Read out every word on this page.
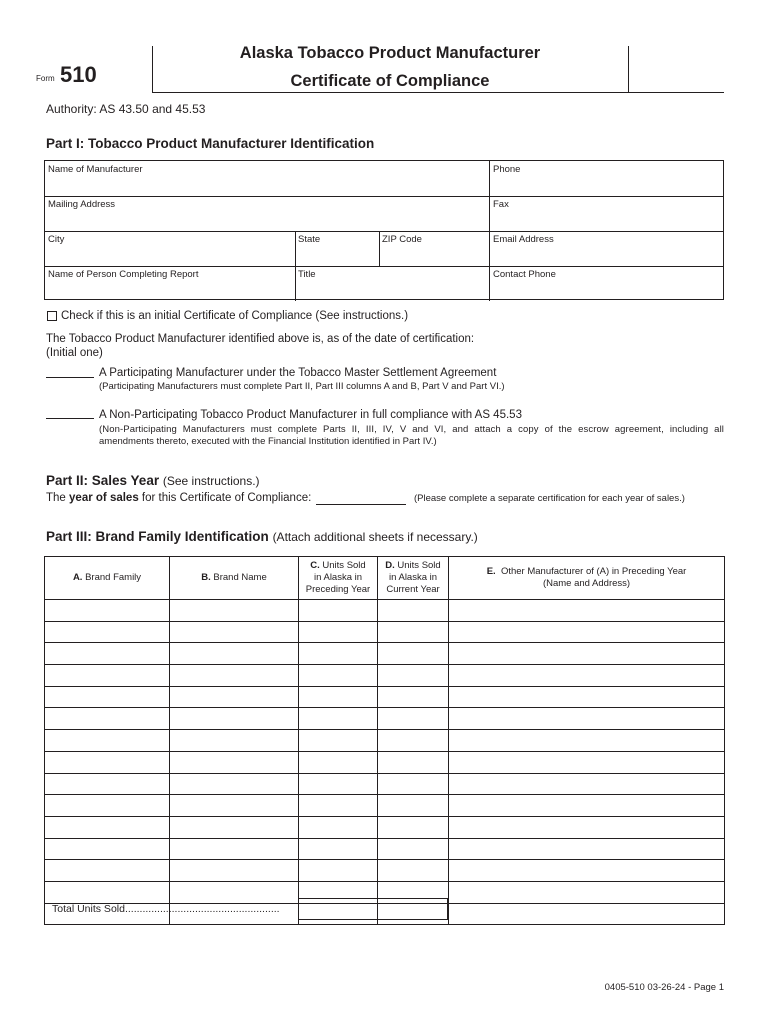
Form 510
Alaska Tobacco Product Manufacturer
Certificate of Compliance
Authority: AS 43.50 and 45.53
Part I: Tobacco Product Manufacturer Identification
Name of Manufacturer	Phone
Mailing Address	Fax
City	State	ZIP Code	Email Address
Name of Person Completing Report	Title	Contact Phone
Check if this is an initial Certificate of Compliance (See instructions.)
The Tobacco Product Manufacturer identified above is, as of the date of certification:
(Initial one)
A Participating Manufacturer under the Tobacco Master Settlement Agreement
(Participating Manufacturers must complete Part II, Part III columns A and B, Part V and Part VI.)
A Non-Participating Tobacco Product Manufacturer in full compliance with AS 45.53
(Non-Participating Manufacturers must complete Parts II, III, IV, V and VI, and attach a copy of the escrow agreement, including all
amendments thereto, executed with the Financial Institution identified in Part IV.)
Part II: Sales Year (See instructions.)
The year of sales for this Certificate of Compliance:	(Please complete a separate certification for each year of sales.)
Part III: Brand Family Identification (Attach additional sheets if necessary.)
A. Brand Family	B. Brand Name	C. Units Sold
in Alaska in
Preceding Year	D. Units Sold
in Alaska in
Current Year	E. Other Manufacturer of (A) in Preceding Year
(Name and Address)

Total Units Sold.....................................................
0405-510 03-26-24 - Page 1
